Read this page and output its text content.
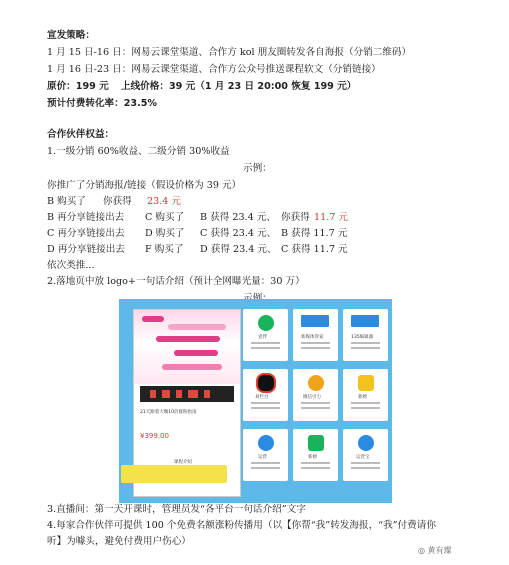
宣发策略：
1 月 15 日-16 日：网易云课堂渠道、合作方 kol 朋友圈转发各自海报（分销二维码）
1 月 16 日-23 日：网易云课堂渠道、合作方公众号推送课程软文（分销链接）
原价：199 元 上线价格：39 元（1 月 23 日 20:00 恢复 199 元）
预计付费转化率：23.5%
合作伙伴权益：
1.一级分销 60%收益、二级分销 30%收益
示例：
你推广了分销海报/链接（假设价格为 39 元）
B 购买了 你获得 23.4 元
B 再分享链接出去 C 购买了 B 获得 23.4 元、 你获得 11.7 元
C 再分享链接出去 D 购买了 C 获得 23.4 元、 B 获得 11.7 元
D 再分享链接出去 F 购买了 D 获得 23.4 元、 C 获得 11.7 元
依次类推...
2.落地页中放 logo+一句话介绍（预计全网曝光量：30 万）
21天跟着大咖10倍涨粉指南
¥399.00
课程介绍
壹伴	新媒体管家	135编辑器
易栏目	微信引力	新榜
运营	新榜	运营宝
3.直播间：第一天开课时，管理员发“各平台一句话介绍”文字
4.每家合作伙伴可提供 100 个免费名额涨粉传播用（以【你帮“我”转发海报，“我”付费请你
听】为噱头，避免付费用户伤心）
◎ 黄有璨
